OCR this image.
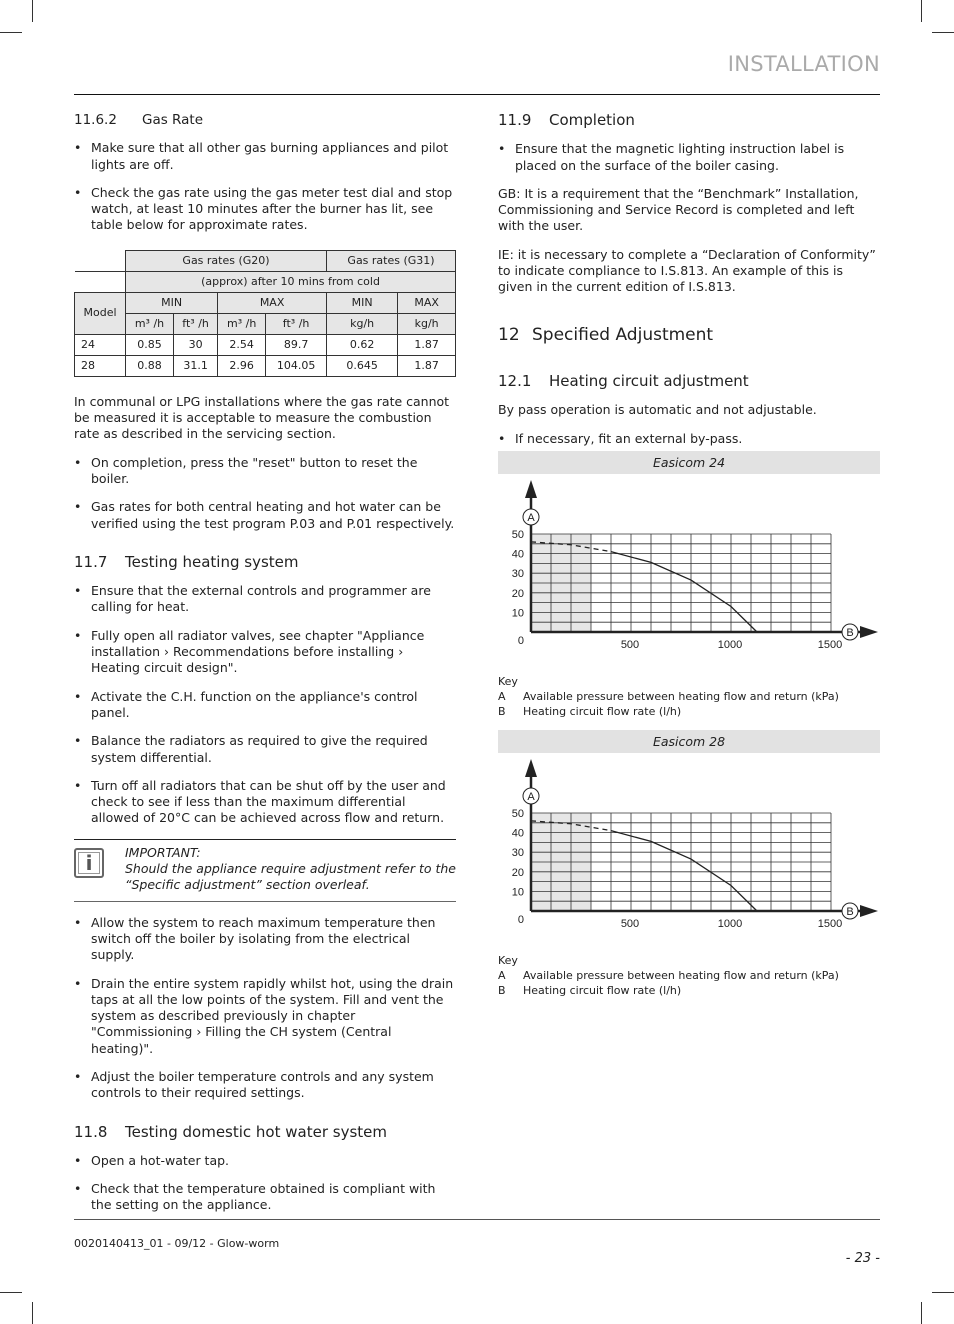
INSTALLATION
11.6.2	Gas Rate
• Make sure that all other gas burning appliances and pilot lights are off.
• Check the gas rate using the gas meter test dial and stop watch, at least 10 minutes after the burner has lit, see table below for approximate rates.
	Gas rates (G20)				Gas rates (G31)	
	(approx) after 10 mins from cold					
Model	MIN		MAX		MIN	MAX
	m³ /h	ft³ /h	m³ /h	ft³ /h	kg/h	kg/h
24	0.85	30	2.54	89.7	0.62	1.87
28	0.88	31.1	2.96	104.05	0.645	1.87

In communal or LPG installations where the gas rate cannot be measured it is acceptable to measure the combustion rate as described in the servicing section.

• On completion, press the "reset" button to reset the boiler.
• Gas rates for both central heating and hot water can be verified using the test program P.03 and P.01 respectively.
11.7	Testing heating system
• Ensure that the external controls and programmer are calling for heat.
• Fully open all radiator valves, see chapter "Appliance installation › Recommendations before installing › Heating circuit design".
• Activate the C.H. function on the appliance's control panel.
• Balance the radiators as required to give the required system differential.
• Turn off all radiators that can be shut off by the user and check to see if less than the maximum differential allowed of 20°C can be achieved across flow and return.
i	IMPORTANT:
Should the appliance require adjustment refer to the “Specific adjustment” section overleaf.
• Allow the system to reach maximum temperature then switch off the boiler by isolating from the electrical supply.
• Drain the entire system rapidly whilst hot, using the drain taps at all the low points of the system. Fill and vent the system as described previously in chapter "Commissioning › Filling the CH system (Central heating)".
• Adjust the boiler temperature controls and any system controls to their required settings.
11.8	Testing domestic hot water system
• Open a hot-water tap.
• Check that the temperature obtained is compliant with the setting on the appliance.
11.9	Completion
• Ensure that the magnetic lighting instruction label is placed on the surface of the boiler casing.

GB: It is a requirement that the “Benchmark” Installation, Commissioning and Service Record is completed and left with the user.

IE: it is necessary to complete a “Declaration of Conformity” to indicate compliance to I.S.813. An example of this is given in the current edition of I.S.813.

12 Specified Adjustment
12.1	Heating circuit adjustment

By pass operation is automatic and not adjustable.

• If necessary, fit an external by-pass.
Easicom 24
A
B
0
10
20
30
40
50
500	1000	1500
Key
A	Available pressure between heating flow and return (kPa)
B	Heating circuit flow rate (l/h)
Easicom 28
A
B
0
10
20
30
40
50
500	1000	1500
Key
A	Available pressure between heating flow and return (kPa)
B	Heating circuit flow rate (l/h)
0020140413_01 - 09/12 - Glow-worm
- 23 -
